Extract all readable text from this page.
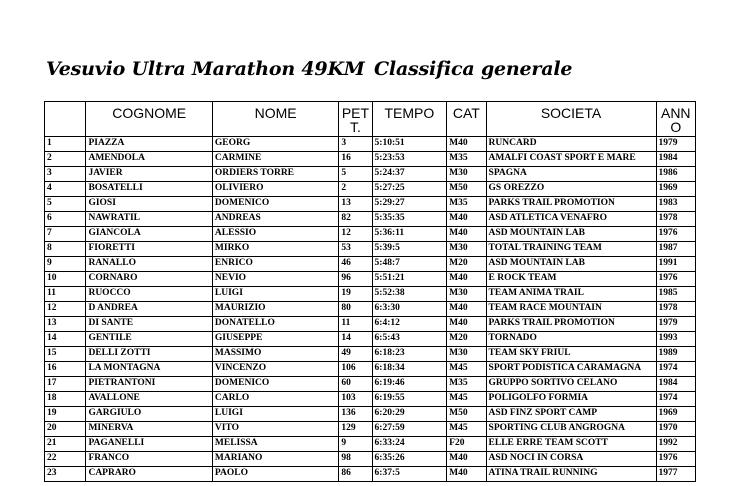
Vesuvio Ultra Marathon 49KM Classifica generale
	COGNOME	NOME	PET T.	TEMPO	CAT	SOCIETA	ANN O
1	PIAZZA	GEORG	3	5:10:51	M40	RUNCARD	1979
2	AMENDOLA	CARMINE	16	5:23:53	M35	AMALFI COAST SPORT E MARE	1984
3	JAVIER	ORDIERS TORRE	5	5:24:37	M30	SPAGNA	1986
4	BOSATELLI	OLIVIERO	2	5:27:25	M50	GS OREZZO	1969
5	GIOSI	DOMENICO	13	5:29:27	M35	PARKS TRAIL PROMOTION	1983
6	NAWRATIL	ANDREAS	82	5:35:35	M40	ASD ATLETICA VENAFRO	1978
7	GIANCOLA	ALESSIO	12	5:36:11	M40	ASD MOUNTAIN LAB	1976
8	FIORETTI	MIRKO	53	5:39:5	M30	TOTAL TRAINING TEAM	1987
9	RANALLO	ENRICO	46	5:48:7	M20	ASD MOUNTAIN LAB	1991
10	CORNARO	NEVIO	96	5:51:21	M40	E ROCK TEAM	1976
11	RUOCCO	LUIGI	19	5:52:38	M30	TEAM ANIMA TRAIL	1985
12	D ANDREA	MAURIZIO	80	6:3:30	M40	TEAM RACE MOUNTAIN	1978
13	DI SANTE	DONATELLO	11	6:4:12	M40	PARKS TRAIL PROMOTION	1979
14	GENTILE	GIUSEPPE	14	6:5:43	M20	TORNADO	1993
15	DELLI ZOTTI	MASSIMO	49	6:18:23	M30	TEAM SKY FRIUL	1989
16	LA MONTAGNA	VINCENZO	106	6:18:34	M45	SPORT PODISTICA CARAMAGNA	1974
17	PIETRANTONI	DOMENICO	60	6:19:46	M35	GRUPPO SORTIVO CELANO	1984
18	AVALLONE	CARLO	103	6:19:55	M45	POLIGOLFO FORMIA	1974
19	GARGIULO	LUIGI	136	6:20:29	M50	ASD FINZ SPORT CAMP	1969
20	MINERVA	VITO	129	6:27:59	M45	SPORTING CLUB ANGROGNA	1970
21	PAGANELLI	MELISSA	9	6:33:24	F20	ELLE ERRE TEAM SCOTT	1992
22	FRANCO	MARIANO	98	6:35:26	M40	ASD NOCI IN CORSA	1976
23	CAPRARO	PAOLO	86	6:37:5	M40	ATINA TRAIL RUNNING	1977
